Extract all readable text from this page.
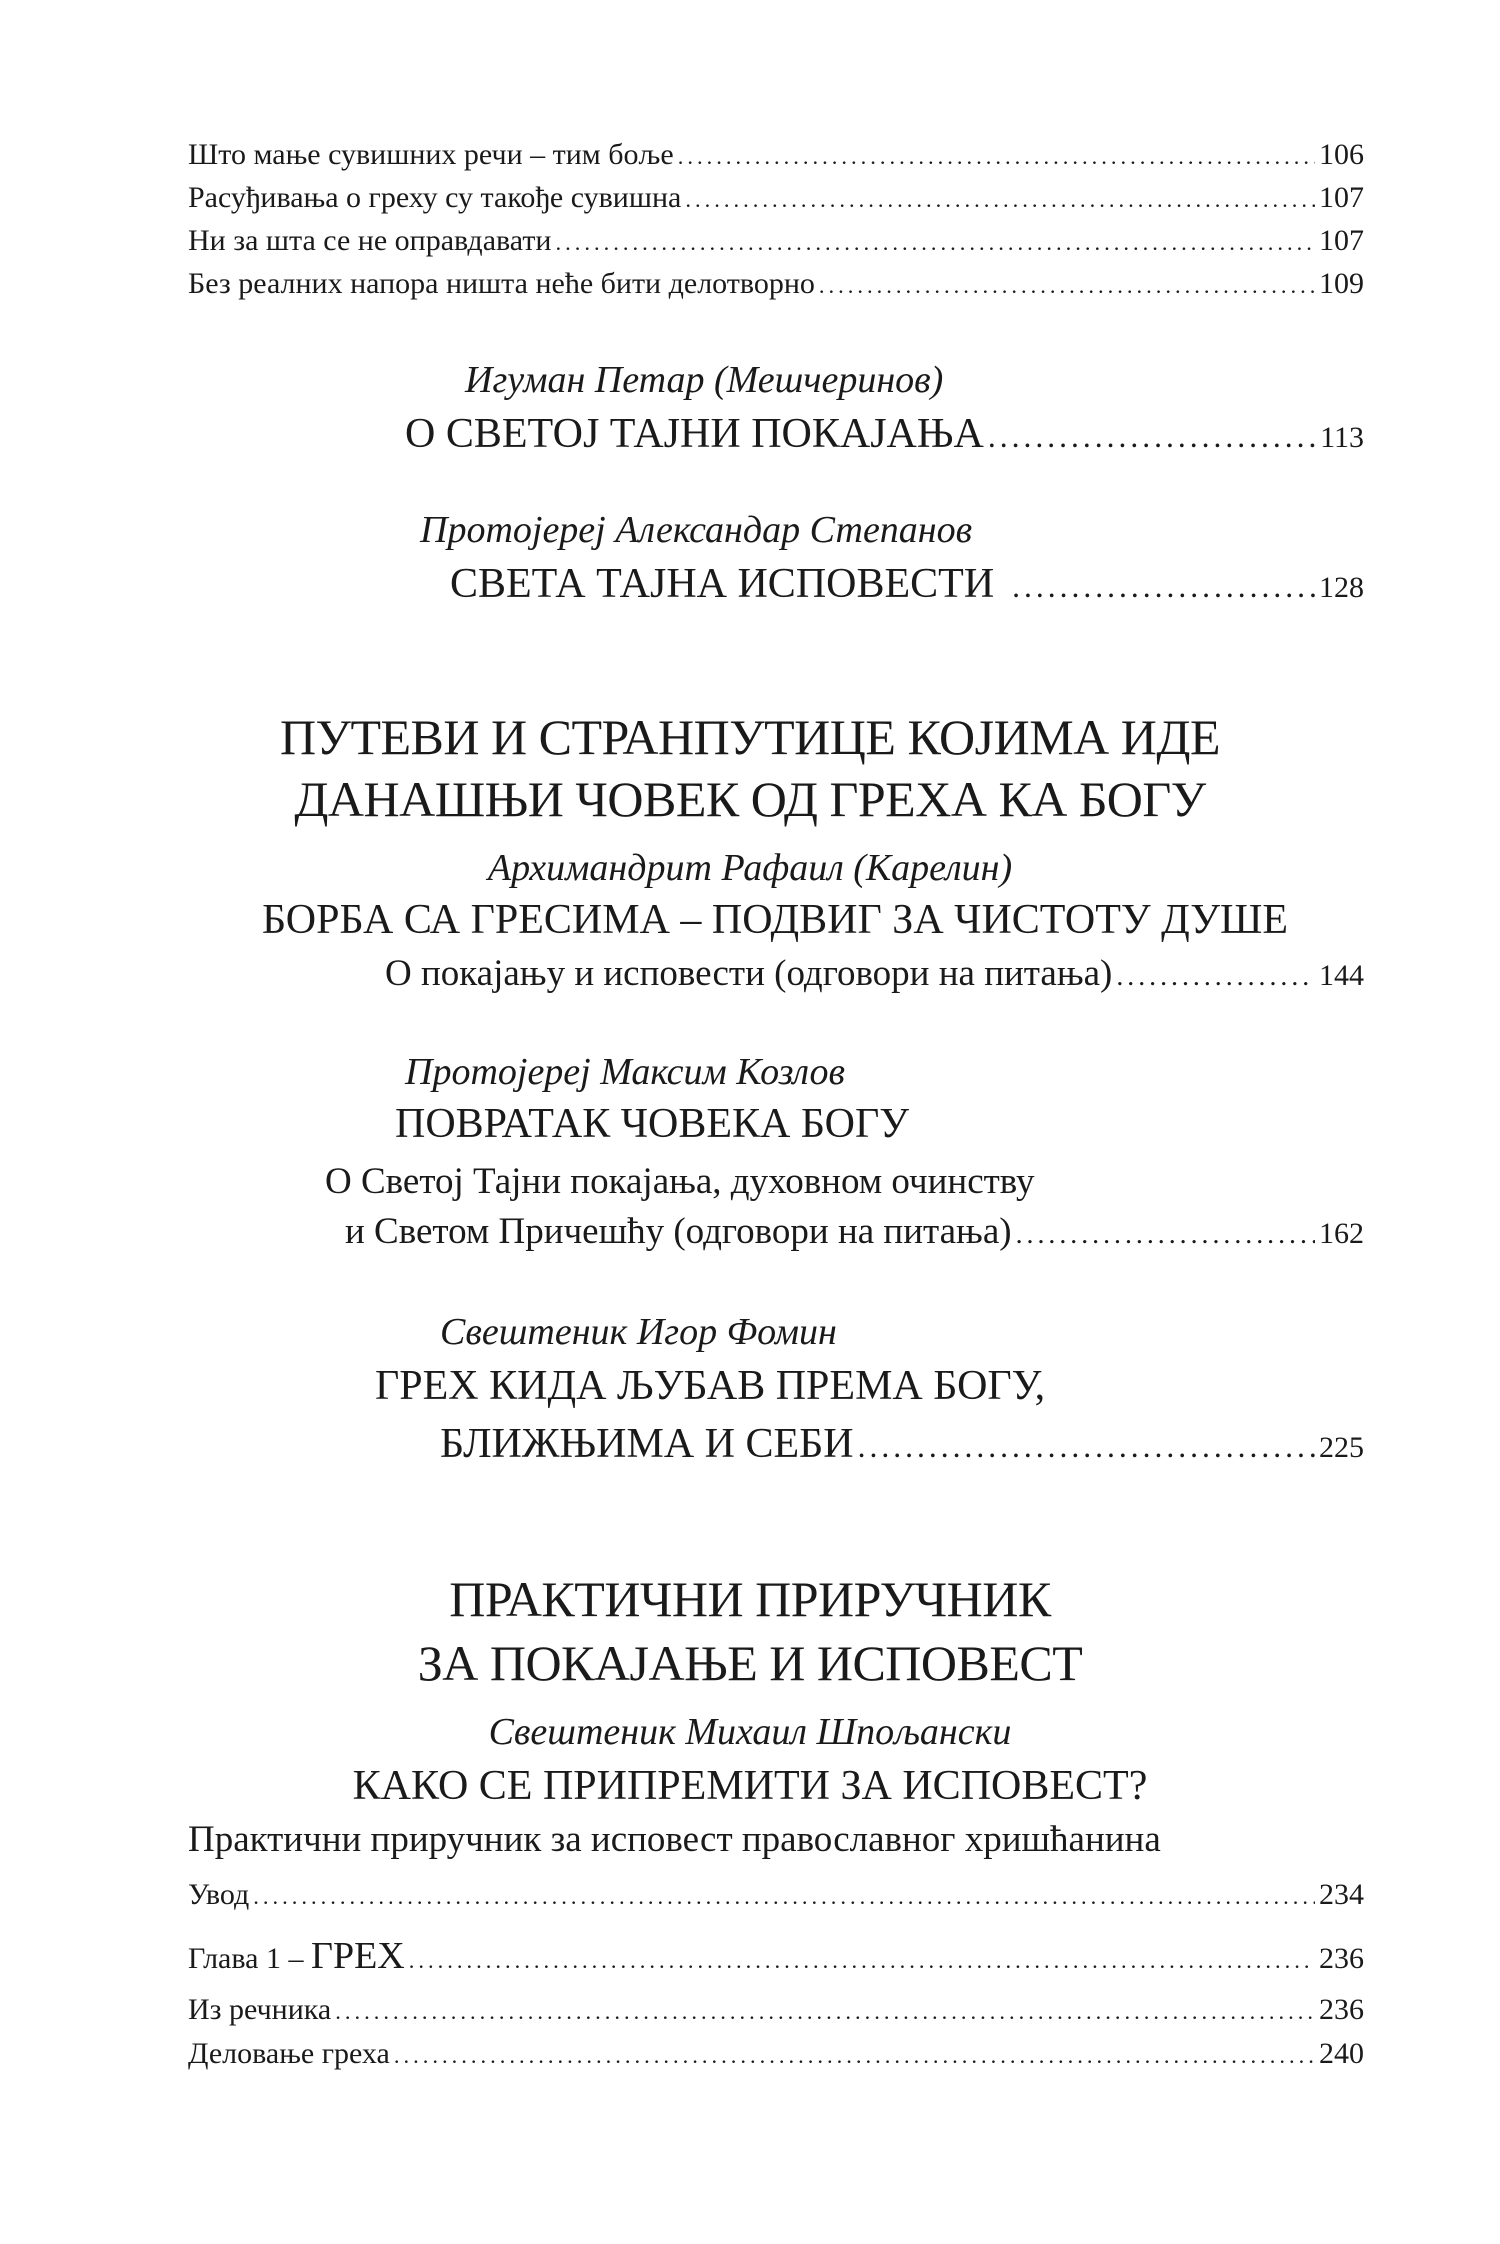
Што мање сувишних речи – тим боље .....	106
Расуђивања о греху су такође сувишна .....	107
Ни за шта се не оправдавати .....	107
Без реалних напора ништа неће бити делотворно .....	109
Игуман Петар (Мешчеринов)
О СВЕТОЈ ТАЈНИ ПОКАЈАЊА .....	113
Протојереј Александар Степанов
СВЕТА ТАЈНА ИСПОВЕСТИ .....	128
ПУТЕВИ И СТРАНПУТИЦЕ КОЈИМА ИДЕ
ДАНАШЊИ ЧОВЕК ОД ГРЕХА КА БОГУ
Архимандрит Рафаил (Карелин)
БОРБА СА ГРЕСИМА – ПОДВИГ ЗА ЧИСТОТУ ДУШЕ
О покајању и исповести (одговори на питања) .....	144
Протојереј Максим Козлов
ПОВРАТАК ЧОВЕКА БОГУ
О Светој Тајни покајања, духовном очинству
и Светом Причешћу (одговори на питања) .....	162
Свештеник Игор Фомин
ГРЕХ КИДА ЉУБАВ ПРЕМА БОГУ,
БЛИЖЊИМА И СЕБИ .....	225
ПРАКТИЧНИ ПРИРУЧНИК
ЗА ПОКАЈАЊЕ И ИСПОВЕСТ
Свештеник Михаил Шпољански
КАКО СЕ ПРИПРЕМИТИ ЗА ИСПОВЕСТ?
Практични приручник за исповест православног хришћанина
Увод .....	234
Глава 1 – ГРЕХ .....	236
Из речника .....	236
Деловање греха .....	240
